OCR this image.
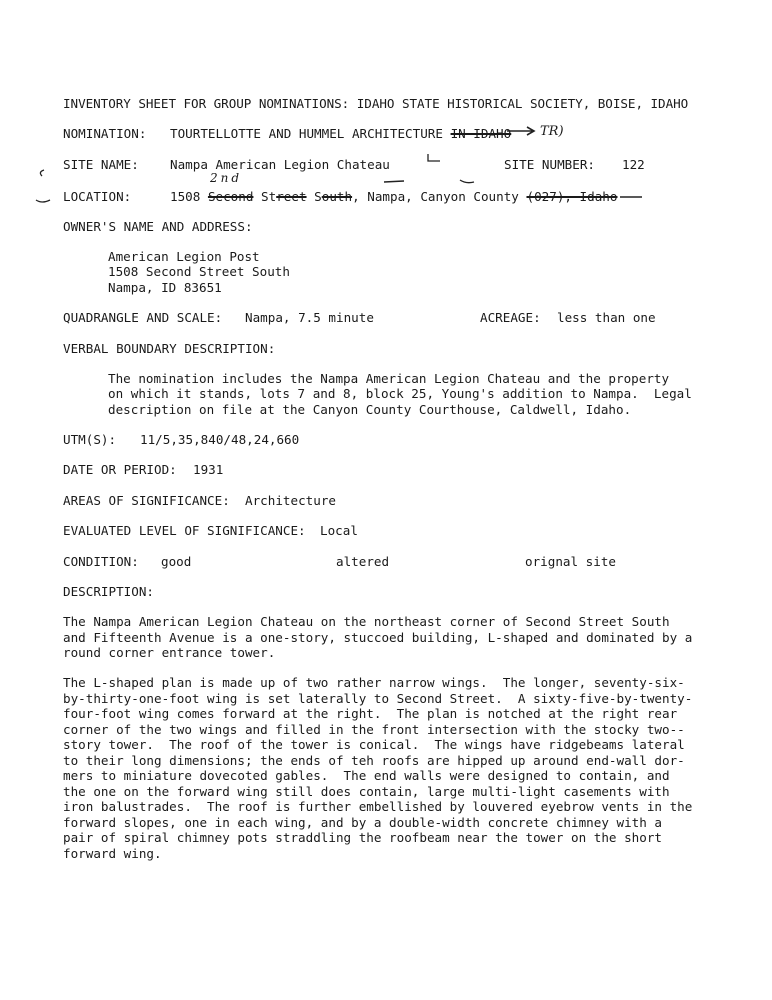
INVENTORY SHEET FOR GROUP NOMINATIONS: IDAHO STATE HISTORICAL SOCIETY, BOISE, IDAHO
NOMINATION: TOURTELLOTTE AND HUMMEL ARCHITECTURE IN IDAHO TR)
SITE NAME: Nampa American Legion Chateau	SITE NUMBER: 122
2nd
LOCATION:	1508 Second Street South, Nampa, Canyon County (027), Idaho
OWNER'S NAME AND ADDRESS:
American Legion Post
1508 Second Street South
Nampa, ID 83651
QUADRANGLE AND SCALE: Nampa, 7.5 minute	ACREAGE: less than one
VERBAL BOUNDARY DESCRIPTION:
The nomination includes the Nampa American Legion Chateau and the property
on which it stands, lots 7 and 8, block 25, Young's addition to Nampa.  Legal
description on file at the Canyon County Courthouse, Caldwell, Idaho.
UTM(S): 11/5,35,840/48,24,660
DATE OR PERIOD: 1931
AREAS OF SIGNIFICANCE: Architecture
EVALUATED LEVEL OF SIGNIFICANCE: Local
CONDITION: good	altered	orignal site
DESCRIPTION:
The Nampa American Legion Chateau on the northeast corner of Second Street South
and Fifteenth Avenue is a one-story, stuccoed building, L-shaped and dominated by a
round corner entrance tower.
The L-shaped plan is made up of two rather narrow wings.  The longer, seventy-six-
by-thirty-one-foot wing is set laterally to Second Street.  A sixty-five-by-twenty-
four-foot wing comes forward at the right.  The plan is notched at the right rear
corner of the two wings and filled in the front intersection with the stocky two--
story tower.  The roof of the tower is conical.  The wings have ridgebeams lateral
to their long dimensions; the ends of teh roofs are hipped up around end-wall dor-
mers to miniature dovecoted gables.  The end walls were designed to contain, and
the one on the forward wing still does contain, large multi-light casements with
iron balustrades.  The roof is further embellished by louvered eyebrow vents in the
forward slopes, one in each wing, and by a double-width concrete chimney with a
pair of spiral chimney pots straddling the roofbeam near the tower on the short
forward wing.
